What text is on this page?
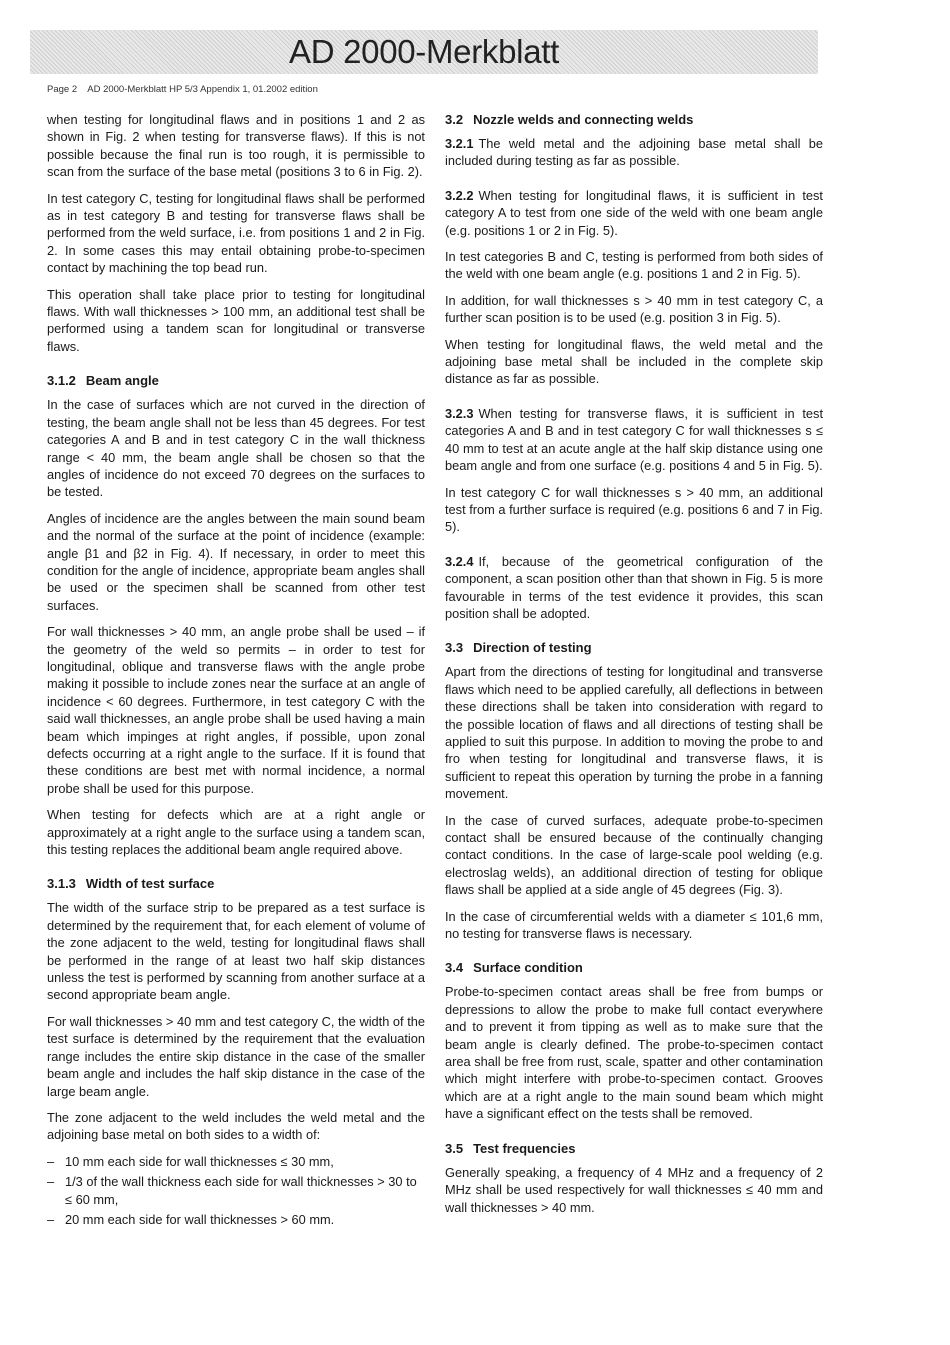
AD 2000-Merkblatt
Page 2 AD 2000-Merkblatt HP 5/3 Appendix 1, 01.2002 edition

when testing for longitudinal flaws and in positions 1 and 2 as shown in Fig. 2 when testing for transverse flaws). If this is not possible because the final run is too rough, it is permissible to scan from the surface of the base metal (positions 3 to 6 in Fig. 2).

In test category C, testing for longitudinal flaws shall be performed as in test category B and testing for transverse flaws shall be performed from the weld surface, i.e. from positions 1 and 2 in Fig. 2. In some cases this may entail obtaining probe-to-specimen contact by machining the top bead run.

This operation shall take place prior to testing for longitudinal flaws. With wall thicknesses > 100 mm, an additional test shall be performed using a tandem scan for longitudinal or transverse flaws.

3.1.2 Beam angle

In the case of surfaces which are not curved in the direction of testing, the beam angle shall not be less than 45 degrees. For test categories A and B and in test category C in the wall thickness range < 40 mm, the beam angle shall be chosen so that the angles of incidence do not exceed 70 degrees on the surfaces to be tested.

Angles of incidence are the angles between the main sound beam and the normal of the surface at the point of incidence (example: angle β1 and β2 in Fig. 4). If necessary, in order to meet this condition for the angle of incidence, appropriate beam angles shall be used or the specimen shall be scanned from other test surfaces.

For wall thicknesses > 40 mm, an angle probe shall be used – if the geometry of the weld so permits – in order to test for longitudinal, oblique and transverse flaws with the angle probe making it possible to include zones near the surface at an angle of incidence < 60 degrees. Furthermore, in test category C with the said wall thicknesses, an angle probe shall be used having a main beam which impinges at right angles, if possible, upon zonal defects occurring at a right angle to the surface. If it is found that these conditions are best met with normal incidence, a normal probe shall be used for this purpose.

When testing for defects which are at a right angle or approximately at a right angle to the surface using a tandem scan, this testing replaces the additional beam angle required above.

3.1.3 Width of test surface

The width of the surface strip to be prepared as a test surface is determined by the requirement that, for each element of volume of the zone adjacent to the weld, testing for longitudinal flaws shall be performed in the range of at least two half skip distances unless the test is performed by scanning from another surface at a second appropriate beam angle.

For wall thicknesses > 40 mm and test category C, the width of the test surface is determined by the requirement that the evaluation range includes the entire skip distance in the case of the smaller beam angle and includes the half skip distance in the case of the large beam angle.

The zone adjacent to the weld includes the weld metal and the adjoining base metal on both sides to a width of:

– 10 mm each side for wall thicknesses ≤ 30 mm,
– 1/3 of the wall thickness each side for wall thicknesses > 30 to ≤ 60 mm,
– 20 mm each side for wall thicknesses > 60 mm.
3.2 Nozzle welds and connecting welds

3.2.1 The weld metal and the adjoining base metal shall be included during testing as far as possible.

3.2.2 When testing for longitudinal flaws, it is sufficient in test category A to test from one side of the weld with one beam angle (e.g. positions 1 or 2 in Fig. 5).

In test categories B and C, testing is performed from both sides of the weld with one beam angle (e.g. positions 1 and 2 in Fig. 5).

In addition, for wall thicknesses s > 40 mm in test category C, a further scan position is to be used (e.g. position 3 in Fig. 5).

When testing for longitudinal flaws, the weld metal and the adjoining base metal shall be included in the complete skip distance as far as possible.

3.2.3 When testing for transverse flaws, it is sufficient in test categories A and B and in test category C for wall thicknesses s ≤ 40 mm to test at an acute angle at the half skip distance using one beam angle and from one surface (e.g. positions 4 and 5 in Fig. 5).

In test category C for wall thicknesses s > 40 mm, an additional test from a further surface is required (e.g. positions 6 and 7 in Fig. 5).

3.2.4 If, because of the geometrical configuration of the component, a scan position other than that shown in Fig. 5 is more favourable in terms of the test evidence it provides, this scan position shall be adopted.

3.3 Direction of testing

Apart from the directions of testing for longitudinal and transverse flaws which need to be applied carefully, all deflections in between these directions shall be taken into consideration with regard to the possible location of flaws and all directions of testing shall be applied to suit this purpose. In addition to moving the probe to and fro when testing for longitudinal and transverse flaws, it is sufficient to repeat this operation by turning the probe in a fanning movement.

In the case of curved surfaces, adequate probe-to-specimen contact shall be ensured because of the continually changing contact conditions. In the case of large-scale pool welding (e.g. electroslag welds), an additional direction of testing for oblique flaws shall be applied at a side angle of 45 degrees (Fig. 3).

In the case of circumferential welds with a diameter ≤ 101,6 mm, no testing for transverse flaws is necessary.

3.4 Surface condition

Probe-to-specimen contact areas shall be free from bumps or depressions to allow the probe to make full contact everywhere and to prevent it from tipping as well as to make sure that the beam angle is clearly defined. The probe-to-specimen contact area shall be free from rust, scale, spatter and other contamination which might interfere with probe-to-specimen contact. Grooves which are at a right angle to the main sound beam which might have a significant effect on the tests shall be removed.

3.5 Test frequencies

Generally speaking, a frequency of 4 MHz and a frequency of 2 MHz shall be used respectively for wall thicknesses ≤ 40 mm and wall thicknesses > 40 mm.
